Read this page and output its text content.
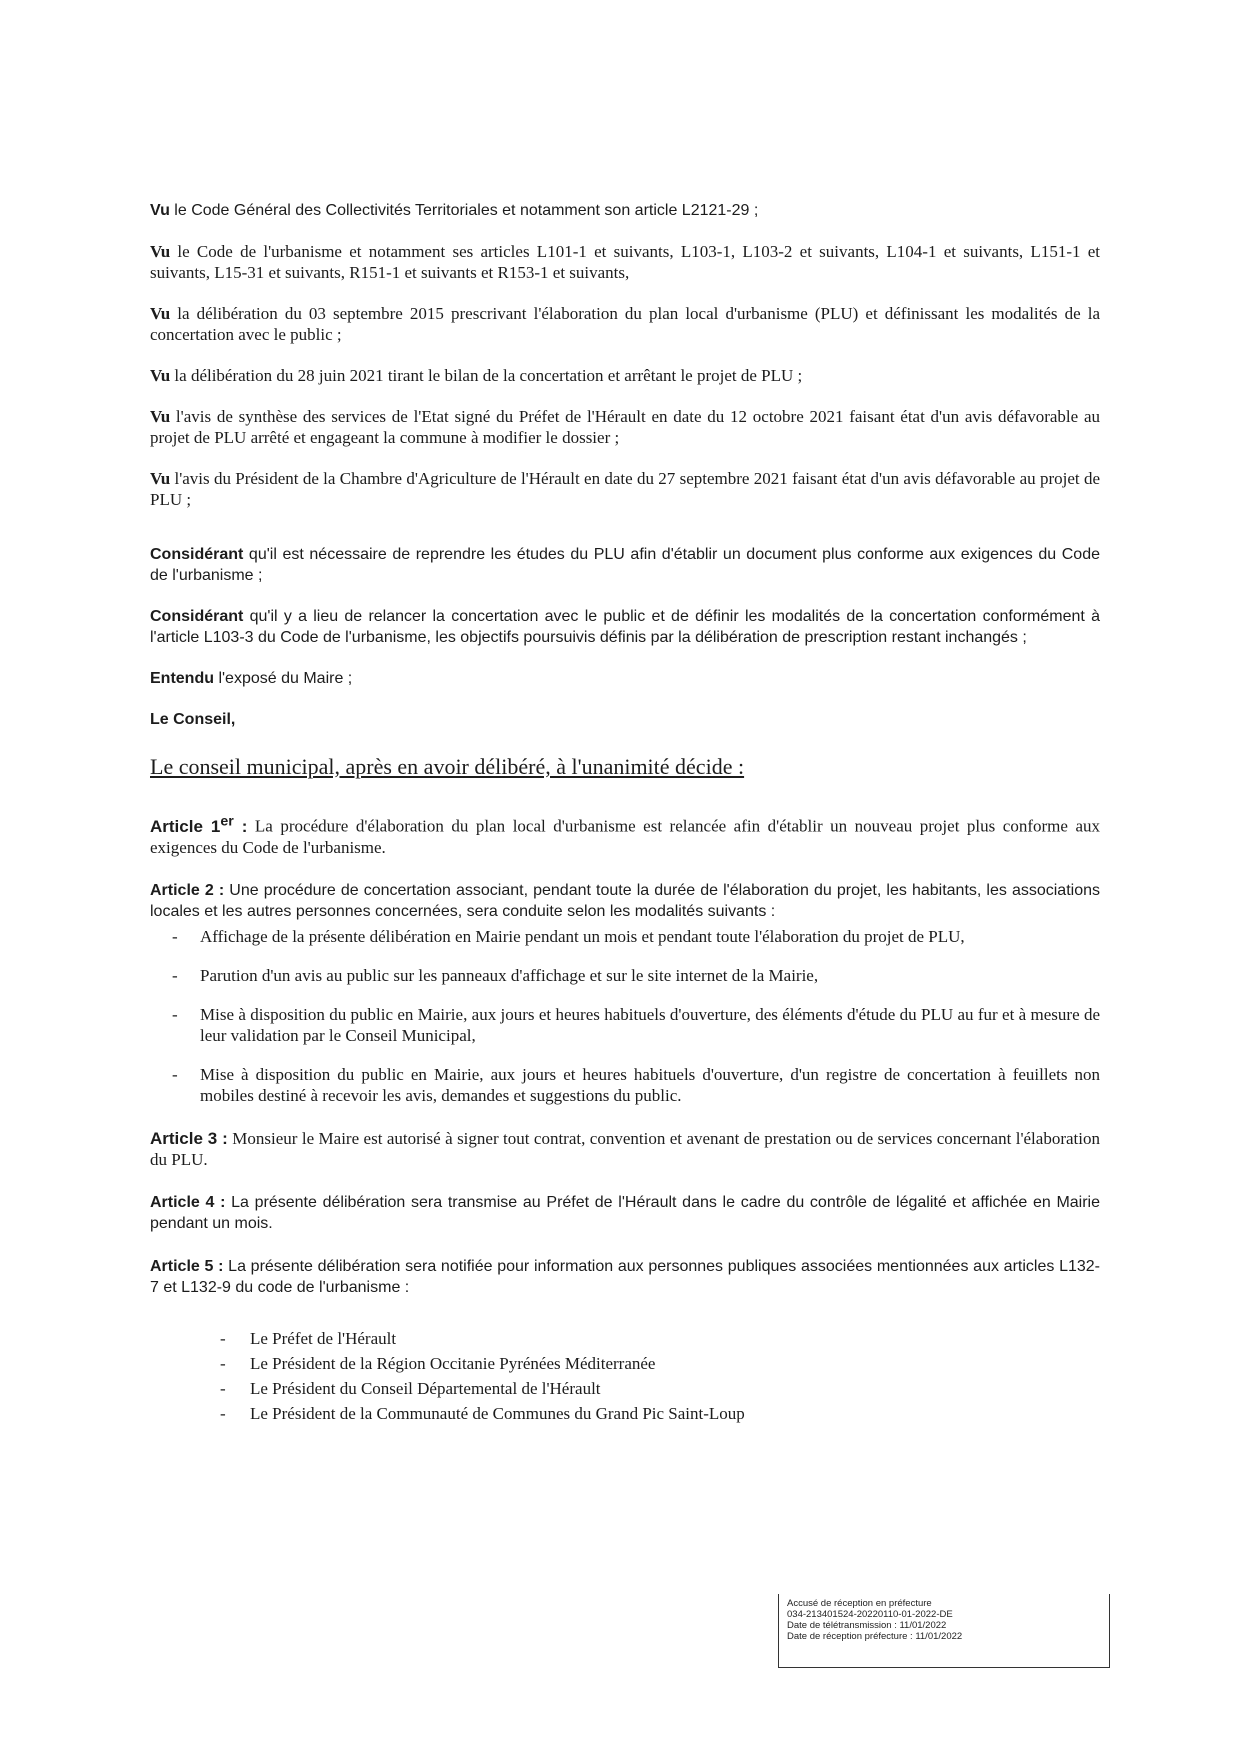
Vu le Code Général des Collectivités Territoriales et notamment son article L2121-29 ;

Vu le Code de l'urbanisme et notamment ses articles L101-1 et suivants, L103-1, L103-2 et suivants, L104-1 et suivants, L151-1 et suivants, L15-31 et suivants, R151-1 et suivants et R153-1 et suivants,

Vu la délibération du 03 septembre 2015 prescrivant l'élaboration du plan local d'urbanisme (PLU) et définissant les modalités de la concertation avec le public ;

Vu la délibération du 28 juin 2021 tirant le bilan de la concertation et arrêtant le projet de PLU ;

Vu l'avis de synthèse des services de l'Etat signé du Préfet de l'Hérault en date du 12 octobre 2021 faisant état d'un avis défavorable au projet de PLU arrêté et engageant la commune à modifier le dossier ;

Vu l'avis du Président de la Chambre d'Agriculture de l'Hérault en date du 27 septembre 2021 faisant état d'un avis défavorable au projet de PLU ;

Considérant qu'il est nécessaire de reprendre les études du PLU afin d'établir un document plus conforme aux exigences du Code de l'urbanisme ;

Considérant qu'il y a lieu de relancer la concertation avec le public et de définir les modalités de la concertation conformément à l'article L103-3 du Code de l'urbanisme, les objectifs poursuivis définis par la délibération de prescription restant inchangés ;

Entendu l'exposé du Maire ;

Le Conseil,

Le conseil municipal, après en avoir délibéré, à l'unanimité décide :

Article 1er : La procédure d'élaboration du plan local d'urbanisme est relancée afin d'établir un nouveau projet plus conforme aux exigences du Code de l'urbanisme.

Article 2 : Une procédure de concertation associant, pendant toute la durée de l'élaboration du projet, les habitants, les associations locales et les autres personnes concernées, sera conduite selon les modalités suivants :
- Affichage de la présente délibération en Mairie pendant un mois et pendant toute l'élaboration du projet de PLU,
- Parution d'un avis au public sur les panneaux d'affichage et sur le site internet de la Mairie,
- Mise à disposition du public en Mairie, aux jours et heures habituels d'ouverture, des éléments d'étude du PLU au fur et à mesure de leur validation par le Conseil Municipal,
- Mise à disposition du public en Mairie, aux jours et heures habituels d'ouverture, d'un registre de concertation à feuillets non mobiles destiné à recevoir les avis, demandes et suggestions du public.

Article 3 : Monsieur le Maire est autorisé à signer tout contrat, convention et avenant de prestation ou de services concernant l'élaboration du PLU.

Article 4 : La présente délibération sera transmise au Préfet de l'Hérault dans le cadre du contrôle de légalité et affichée en Mairie pendant un mois.

Article 5 : La présente délibération sera notifiée pour information aux personnes publiques associées mentionnées aux articles L132-7 et L132-9 du code de l'urbanisme :
- Le Préfet de l'Hérault
- Le Président de la Région Occitanie Pyrénées Méditerranée
- Le Président du Conseil Départemental de l'Hérault
- Le Président de la Communauté de Communes du Grand Pic Saint-Loup
Accusé de réception en préfecture
034-213401524-20220110-01-2022-DE
Date de télétransmission : 11/01/2022
Date de réception préfecture : 11/01/2022
